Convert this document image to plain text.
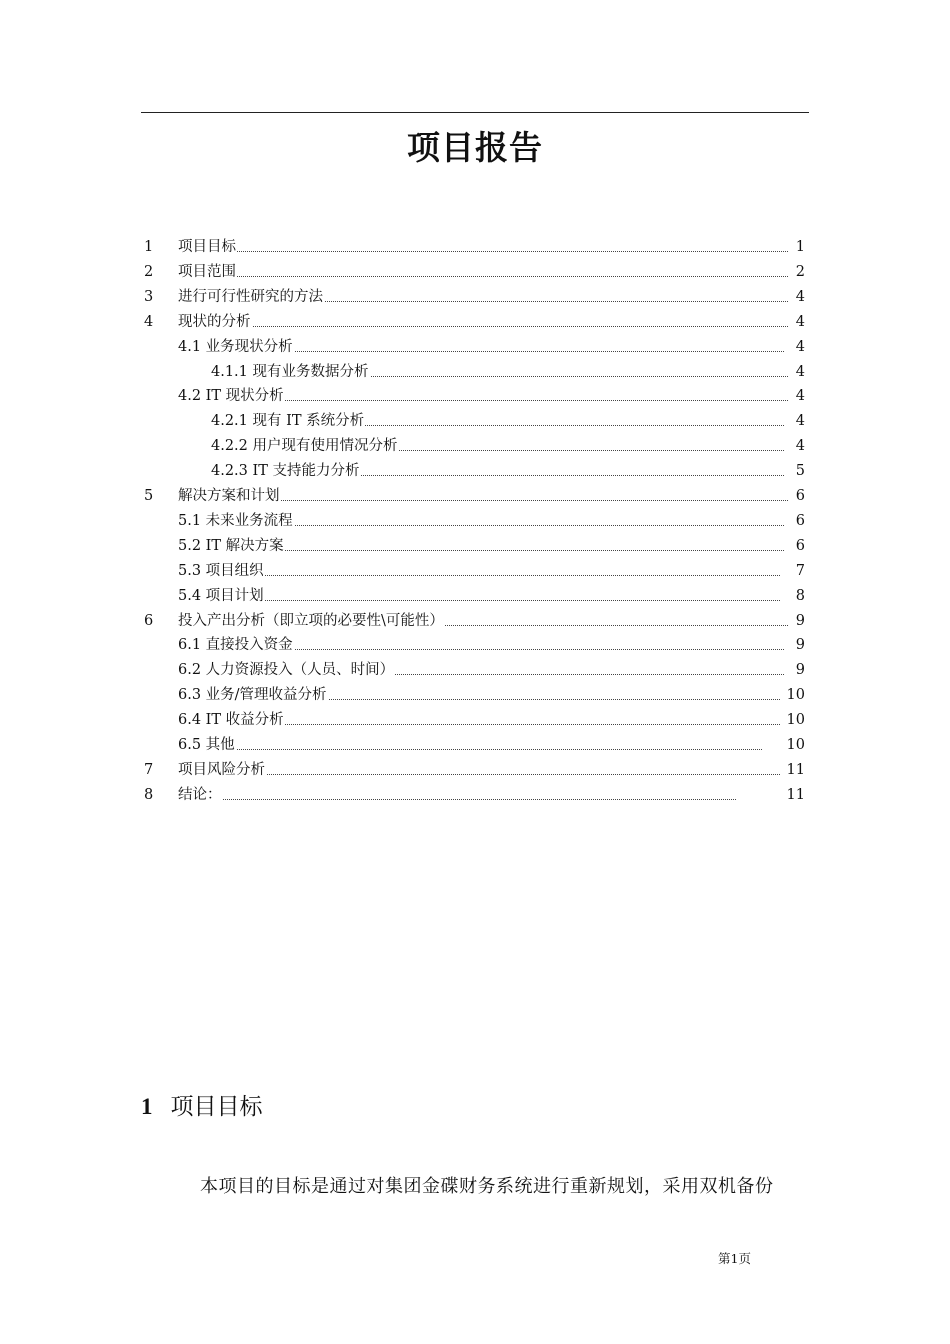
项目报告
1 项目目标	1
2 项目范围	2
3 进行可行性研究的方法	4
4 现状的分析	4
4.1 业务现状分析	4
4.1.1 现有业务数据分析	4
4.2 IT 现状分析	4
4.2.1 现有 IT 系统分析	4
4.2.2 用户现有使用情况分析	4
4.2.3 IT 支持能力分析	5
5 解决方案和计划	6
5.1 未来业务流程	6
5.2 IT 解决方案	6
5.3 项目组织	7
5.4 项目计划	8
6 投入产出分析（即立项的必要性\可能性）	9
6.1 直接投入资金	9
6.2 人力资源投入（人员、时间）	9
6.3 业务/管理收益分析	10
6.4 IT 收益分析	10
6.5 其他	10
7 项目风险分析	11
8 结论：	11
1 项目目标
本项目的目标是通过对集团金碟财务系统进行重新规划，采用双机备份
第1页
